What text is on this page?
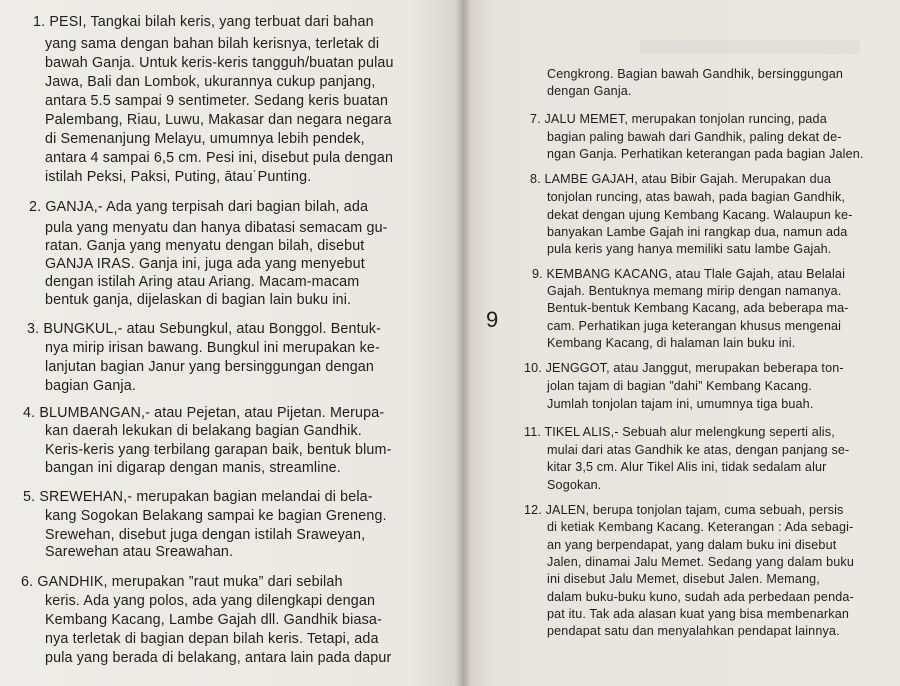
1. PESI, Tangkai bilah keris, yang terbuat dari bahan
yang sama dengan bahan bilah kerisnya, terletak di
bawah Ganja. Untuk keris-keris tangguh/buatan pulau
Jawa, Bali dan Lombok, ukurannya cukup panjang,
antara 5.5 sampai 9 sentimeter. Sedang keris buatan
Palembang, Riau, Luwu, Makasar dan negara negara
di Semenanjung Melayu, umumnya lebih pendek,
antara 4 sampai 6,5 cm. Pesi ini, disebut pula dengan
istilah Peksi, Paksi, Puting, ātau˙Punting.
2. GANJA,- Ada yang terpisah dari bagian bilah, ada
pula yang menyatu dan hanya dibatasi semacam gu-
ratan. Ganja yang menyatu dengan bilah, disebut
GANJA IRAS. Ganja ini, juga ada yang menyebut
dengan istilah Aring atau Ariang. Macam-macam
bentuk ganja, dijelaskan di bagian lain buku ini.
3. BUNGKUL,- atau Sebungkul, atau Bonggol. Bentuk-
nya mirip irisan bawang. Bungkul ini merupakan ke-
lanjutan bagian Janur yang bersinggungan dengan
bagian Ganja.
4. BLUMBANGAN,- atau Pejetan, atau Pijetan. Merupa-
kan daerah lekukan di belakang bagian Gandhik.
Keris-keris yang terbilang garapan baik, bentuk blum-
bangan ini digarap dengan manis, streamline.
5. SREWEHAN,- merupakan bagian melandai di bela-
kang Sogokan Belakang sampai ke bagian Greneng.
Srewehan, disebut juga dengan istilah Sraweyan,
Sarewehan atau Sreawahan.
6. GANDHIK, merupakan ”raut muka” dari sebilah
keris. Ada yang polos, ada yang dilengkapi dengan
Kembang Kacang, Lambe Gajah dll. Gandhik biasa-
nya terletak di bagian depan bilah keris. Tetapi, ada
pula yang berada di belakang, antara lain pada dapur
Cengkrong. Bagian bawah Gandhik, bersinggungan
dengan Ganja.
7. JALU MEMET, merupakan tonjolan runcing, pada
bagian paling bawah dari Gandhik, paling dekat de-
ngan Ganja. Perhatikan keterangan pada bagian Jalen.
8. LAMBE GAJAH, atau Bibir Gajah. Merupakan dua
tonjolan runcing, atas bawah, pada bagian Gandhik,
dekat dengan ujung Kembang Kacang. Walaupun ke-
banyakan Lambe Gajah ini rangkap dua, namun ada
pula keris yang hanya memiliki satu lambe Gajah.
9. KEMBANG KACANG, atau Tlale Gajah, atau Belalai
Gajah. Bentuknya memang mirip dengan namanya.
Bentuk-bentuk Kembang Kacang, ada beberapa ma-
cam. Perhatikan juga keterangan khusus mengenai
Kembang Kacang, di halaman lain buku ini.
10. JENGGOT, atau Janggut, merupakan beberapa ton-
jolan tajam di bagian ”dahi” Kembang Kacang.
Jumlah tonjolan tajam ini, umumnya tiga buah.
11. TIKEL ALIS,- Sebuah alur melengkung seperti alis,
mulai dari atas Gandhik ke atas, dengan panjang se-
kitar 3,5 cm. Alur Tikel Alis ini, tidak sedalam alur
Sogokan.
12. JALEN, berupa tonjolan tajam, cuma sebuah, persis
di ketiak Kembang Kacang. Keterangan : Ada sebagi-
an yang berpendapat, yang dalam buku ini disebut
Jalen, dinamai Jalu Memet. Sedang yang dalam buku
ini disebut Jalu Memet, disebut Jalen. Memang,
dalam buku-buku kuno, sudah ada perbedaan penda-
pat itu. Tak ada alasan kuat yang bisa membenarkan
pendapat satu dan menyalahkan pendapat lainnya.
9
